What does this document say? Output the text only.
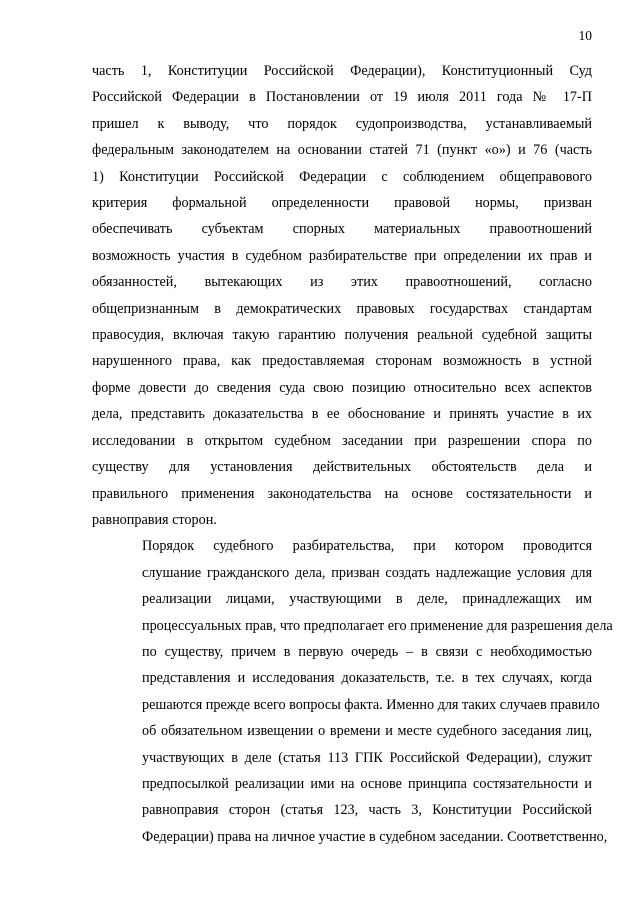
10

часть 1, Конституции Российской Федерации), Конституционный Суд
Российской Федерации в Постановлении от 19 июля 2011 года № 17-П
пришел к выводу, что порядок судопроизводства, устанавливаемый
федеральным законодателем на основании статей 71 (пункт «о») и 76 (часть
1) Конституции Российской Федерации с соблюдением общеправового
критерия формальной определенности правовой нормы, призван
обеспечивать субъектам спорных материальных правоотношений
возможность участия в судебном разбирательстве при определении их прав и
обязанностей, вытекающих из этих правоотношений, согласно
общепризнанным в демократических правовых государствах стандартам
правосудия, включая такую гарантию получения реальной судебной защиты
нарушенного права, как предоставляемая сторонам возможность в устной
форме довести до сведения суда свою позицию относительно всех аспектов
дела, представить доказательства в ее обоснование и принять участие в их
исследовании в открытом судебном заседании при разрешении спора по
существу для установления действительных обстоятельств дела и
правильного применения законодательства на основе состязательности и
равноправия сторон.

Порядок судебного разбирательства, при котором проводится
слушание гражданского дела, призван создать надлежащие условия для
реализации лицами, участвующими в деле, принадлежащих им
процессуальных прав, что предполагает его применение для разрешения дела
по существу, причем в первую очередь – в связи с необходимостью
представления и исследования доказательств, т.е. в тех случаях, когда
решаются прежде всего вопросы факта. Именно для таких случаев правило
об обязательном извещении о времени и месте судебного заседания лиц,
участвующих в деле (статья 113 ГПК Российской Федерации), служит
предпосылкой реализации ими на основе принципа состязательности и
равноправия сторон (статья 123, часть 3, Конституции Российской
Федерации) права на личное участие в судебном заседании. Соответственно,
